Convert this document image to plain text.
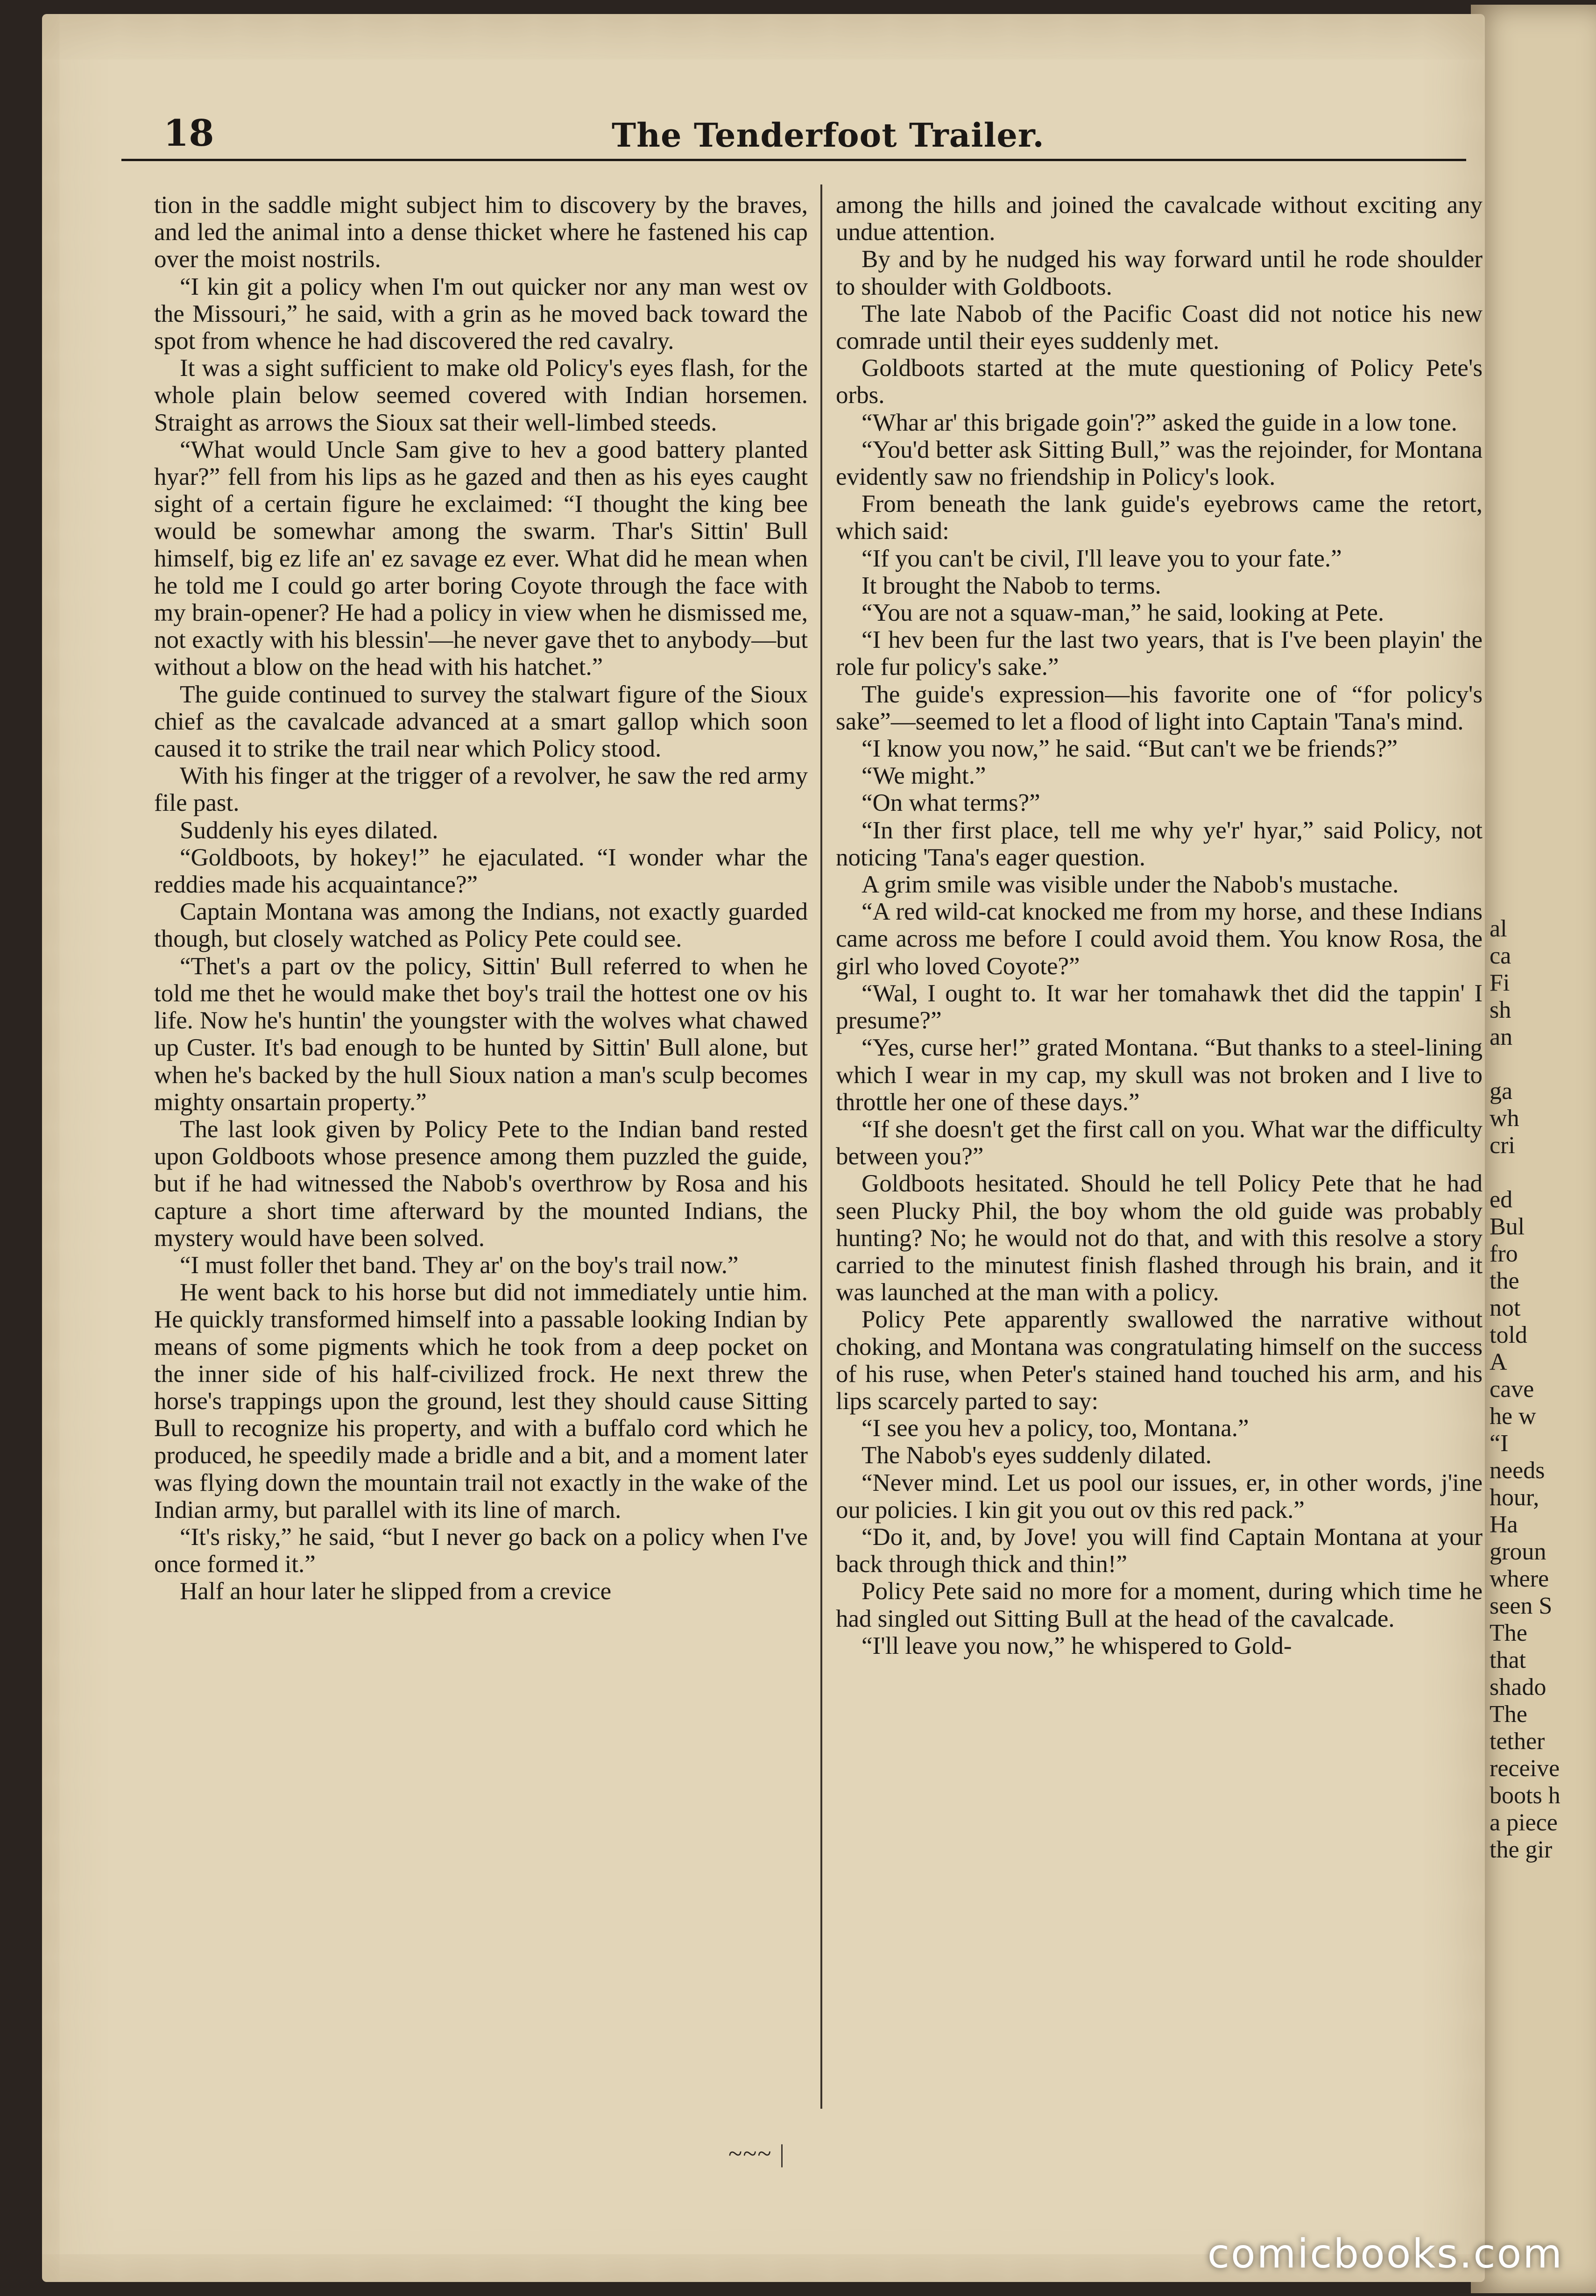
al
ca
Fi
sh
an

ga
wh
cri

ed
Bul
fro
the
not
told
A
cave
he w
“I
needs
hour,
Ha
groun
where
seen S
The
that
shado
The
tether
receive
boots h
a piece
the gir
18	The Tenderfoot Trailer.

tion in the saddle might subject him to discovery by the braves, and led the animal into a dense thicket where he fastened his cap over the moist nostrils.

“I kin git a policy when I'm out quicker nor any man west ov the Missouri,” he said, with a grin as he moved back toward the spot from whence he had discovered the red cavalry.

It was a sight sufficient to make old Policy's eyes flash, for the whole plain below seemed covered with Indian horsemen. Straight as arrows the Sioux sat their well-limbed steeds.

“What would Uncle Sam give to hev a good battery planted hyar?” fell from his lips as he gazed and then as his eyes caught sight of a certain figure he exclaimed: “I thought the king bee would be somewhar among the swarm. Thar's Sittin' Bull himself, big ez life an' ez savage ez ever. What did he mean when he told me I could go arter boring Coyote through the face with my brain-opener? He had a policy in view when he dismissed me, not exactly with his blessin'—he never gave thet to anybody—but without a blow on the head with his hatchet.”

The guide continued to survey the stalwart figure of the Sioux chief as the cavalcade advanced at a smart gallop which soon caused it to strike the trail near which Policy stood.

With his finger at the trigger of a revolver, he saw the red army file past.

Suddenly his eyes dilated.

“Goldboots, by hokey!” he ejaculated. “I wonder whar the reddies made his acquaintance?”

Captain Montana was among the Indians, not exactly guarded though, but closely watched as Policy Pete could see.

“Thet's a part ov the policy, Sittin' Bull referred to when he told me thet he would make thet boy's trail the hottest one ov his life. Now he's huntin' the youngster with the wolves what chawed up Custer. It's bad enough to be hunted by Sittin' Bull alone, but when he's backed by the hull Sioux nation a man's sculp becomes mighty onsartain property.”

The last look given by Policy Pete to the Indian band rested upon Goldboots whose presence among them puzzled the guide, but if he had witnessed the Nabob's overthrow by Rosa and his capture a short time afterward by the mounted Indians, the mystery would have been solved.

“I must foller thet band. They ar' on the boy's trail now.”

He went back to his horse but did not immediately untie him. He quickly transformed himself into a passable looking Indian by means of some pigments which he took from a deep pocket on the inner side of his half-civilized frock. He next threw the horse's trappings upon the ground, lest they should cause Sitting Bull to recognize his property, and with a buffalo cord which he produced, he speedily made a bridle and a bit, and a moment later was flying down the mountain trail not exactly in the wake of the Indian army, but parallel with its line of march.

“It's risky,” he said, “but I never go back on a policy when I've once formed it.”

Half an hour later he slipped from a crevice

among the hills and joined the cavalcade without exciting any undue attention.

By and by he nudged his way forward until he rode shoulder to shoulder with Goldboots.

The late Nabob of the Pacific Coast did not notice his new comrade until their eyes suddenly met.

Goldboots started at the mute questioning of Policy Pete's orbs.

“Whar ar' this brigade goin'?” asked the guide in a low tone.

“You'd better ask Sitting Bull,” was the rejoinder, for Montana evidently saw no friendship in Policy's look.

From beneath the lank guide's eyebrows came the retort, which said:

“If you can't be civil, I'll leave you to your fate.”

It brought the Nabob to terms.

“You are not a squaw-man,” he said, looking at Pete.

“I hev been fur the last two years, that is I've been playin' the role fur policy's sake.”

The guide's expression—his favorite one of “for policy's sake”—seemed to let a flood of light into Captain 'Tana's mind.

“I know you now,” he said. “But can't we be friends?”

“We might.”

“On what terms?”

“In ther first place, tell me why ye'r' hyar,” said Policy, not noticing 'Tana's eager question.

A grim smile was visible under the Nabob's mustache.

“A red wild-cat knocked me from my horse, and these Indians came across me before I could avoid them. You know Rosa, the girl who loved Coyote?”

“Wal, I ought to. It war her tomahawk thet did the tappin' I presume?”

“Yes, curse her!” grated Montana. “But thanks to a steel-lining which I wear in my cap, my skull was not broken and I live to throttle her one of these days.”

“If she doesn't get the first call on you. What war the difficulty between you?”

Goldboots hesitated. Should he tell Policy Pete that he had seen Plucky Phil, the boy whom the old guide was probably hunting? No; he would not do that, and with this resolve a story carried to the minutest finish flashed through his brain, and it was launched at the man with a policy.

Policy Pete apparently swallowed the narrative without choking, and Montana was congratulating himself on the success of his ruse, when Peter's stained hand touched his arm, and his lips scarcely parted to say:

“I see you hev a policy, too, Montana.”

The Nabob's eyes suddenly dilated.

“Never mind. Let us pool our issues, er, in other words, j'ine our policies. I kin git you out ov this red pack.”

“Do it, and, by Jove! you will find Captain Montana at your back through thick and thin!”

Policy Pete said no more for a moment, during which time he had singled out Sitting Bull at the head of the cavalcade.

“I'll leave you now,” he whispered to Gold-

~~~ |
comicbooks.com
